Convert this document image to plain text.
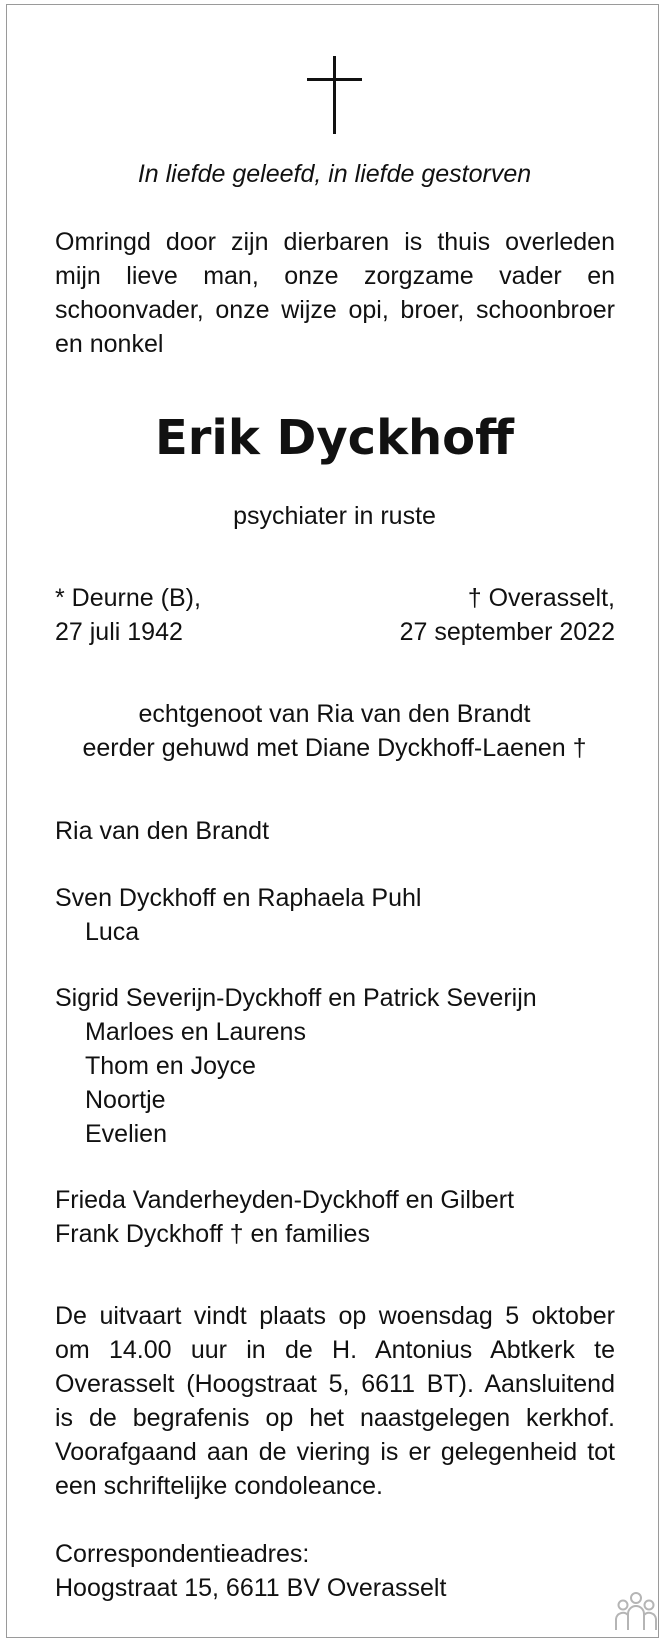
In liefde geleefd, in liefde gestorven

Omringd door zijn dierbaren is thuis overleden

mijn lieve man, onze zorgzame vader en

schoonvader, onze wijze opi, broer, schoonbroer

en nonkel

Erik Dyckhoff

psychiater in ruste

* Deurne (B),

27 juli 1942

† Overasselt,

27 september 2022

echtgenoot van Ria van den Brandt

eerder gehuwd met Diane Dyckhoff-Laenen †

Ria van den Brandt

Sven Dyckhoff en Raphaela Puhl

Luca

Sigrid Severijn-Dyckhoff en Patrick Severijn

Marloes en Laurens

Thom en Joyce

Noortje

Evelien

Frieda Vanderheyden-Dyckhoff en Gilbert

Frank Dyckhoff † en families

De uitvaart vindt plaats op woensdag 5 oktober

om 14.00 uur in de H. Antonius Abtkerk te

Overasselt (Hoogstraat 5, 6611 BT). Aansluitend

is de begrafenis op het naastgelegen kerkhof.

Voorafgaand aan de viering is er gelegenheid tot

een schriftelijke condoleance.

Correspondentieadres:

Hoogstraat 15, 6611 BV Overasselt
